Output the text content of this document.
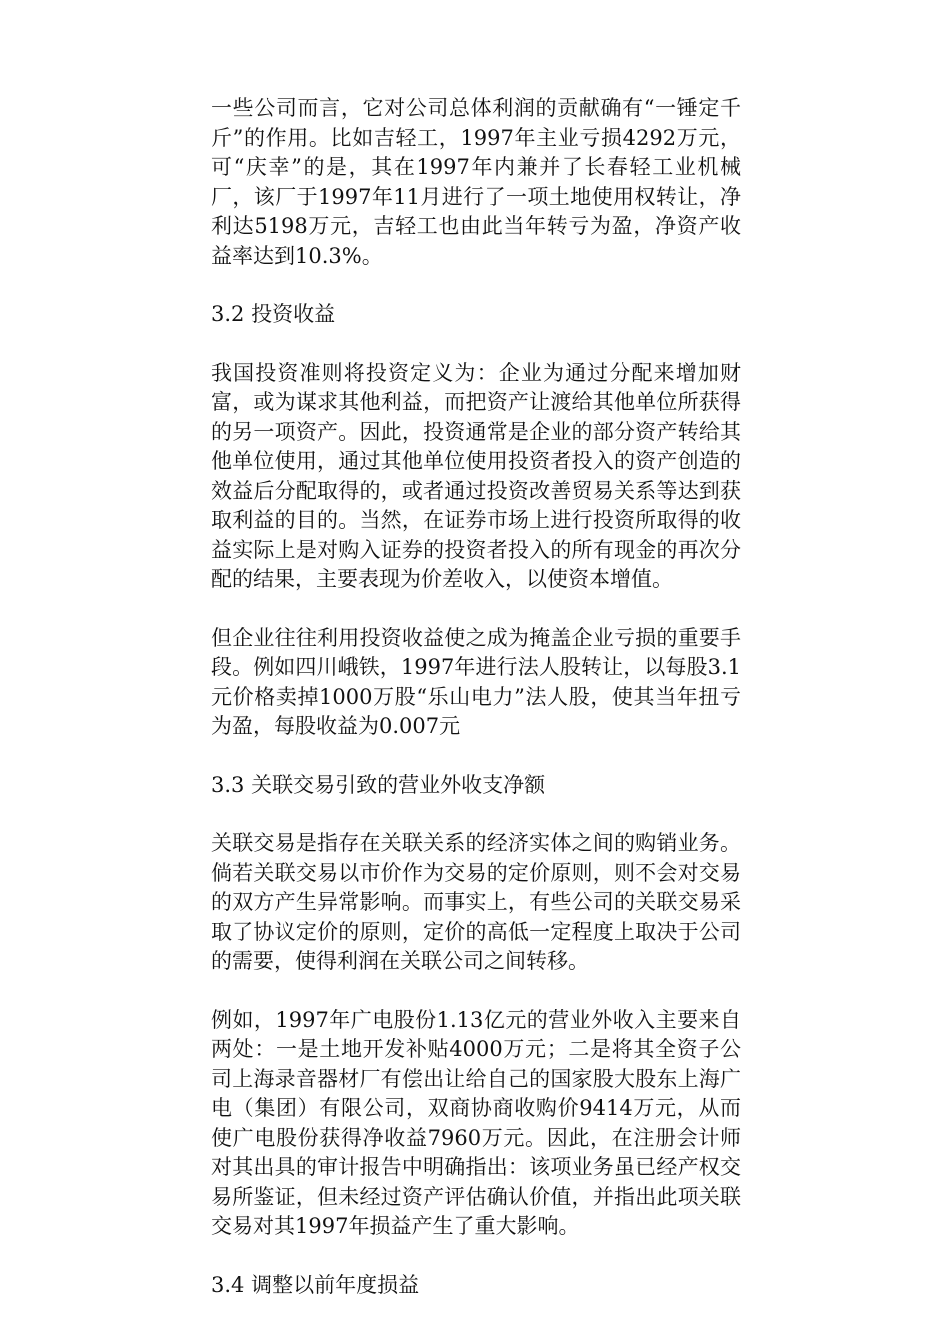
一些公司而言，它对公司总体利润的贡献确有“一锤定千斤”的作用。比如吉轻工，1997年主业亏损4292万元，可“庆幸”的是，其在1997年内兼并了长春轻工业机械厂，该厂于1997年11月进行了一项土地使用权转让，净利达5198万元，吉轻工也由此当年转亏为盈，净资产收益率达到10.3%。

3.2 投资收益

我国投资准则将投资定义为：企业为通过分配来增加财富，或为谋求其他利益，而把资产让渡给其他单位所获得的另一项资产。因此，投资通常是企业的部分资产转给其他单位使用，通过其他单位使用投资者投入的资产创造的效益后分配取得的，或者通过投资改善贸易关系等达到获取利益的目的。当然，在证券市场上进行投资所取得的收益实际上是对购入证券的投资者投入的所有现金的再次分配的结果，主要表现为价差收入，以使资本增值。

但企业往往利用投资收益使之成为掩盖企业亏损的重要手段。例如四川峨铁，1997年进行法人股转让，以每股3.1元价格卖掉1000万股“乐山电力”法人股，使其当年扭亏为盈，每股收益为0.007元

3.3 关联交易引致的营业外收支净额

关联交易是指存在关联关系的经济实体之间的购销业务。倘若关联交易以市价作为交易的定价原则，则不会对交易的双方产生异常影响。而事实上，有些公司的关联交易采取了协议定价的原则，定价的高低一定程度上取决于公司的需要，使得利润在关联公司之间转移。

例如，1997年广电股份1.13亿元的营业外收入主要来自两处：一是土地开发补贴4000万元；二是将其全资子公司上海录音器材厂有偿出让给自己的国家股大股东上海广电（集团）有限公司，双商协商收购价9414万元，从而使广电股份获得净收益7960万元。因此，在注册会计师对其出具的审计报告中明确指出：该项业务虽已经产权交易所鉴证，但未经过资产评估确认价值，并指出此项关联交易对其1997年损益产生了重大影响。

3.4 调整以前年度损益
